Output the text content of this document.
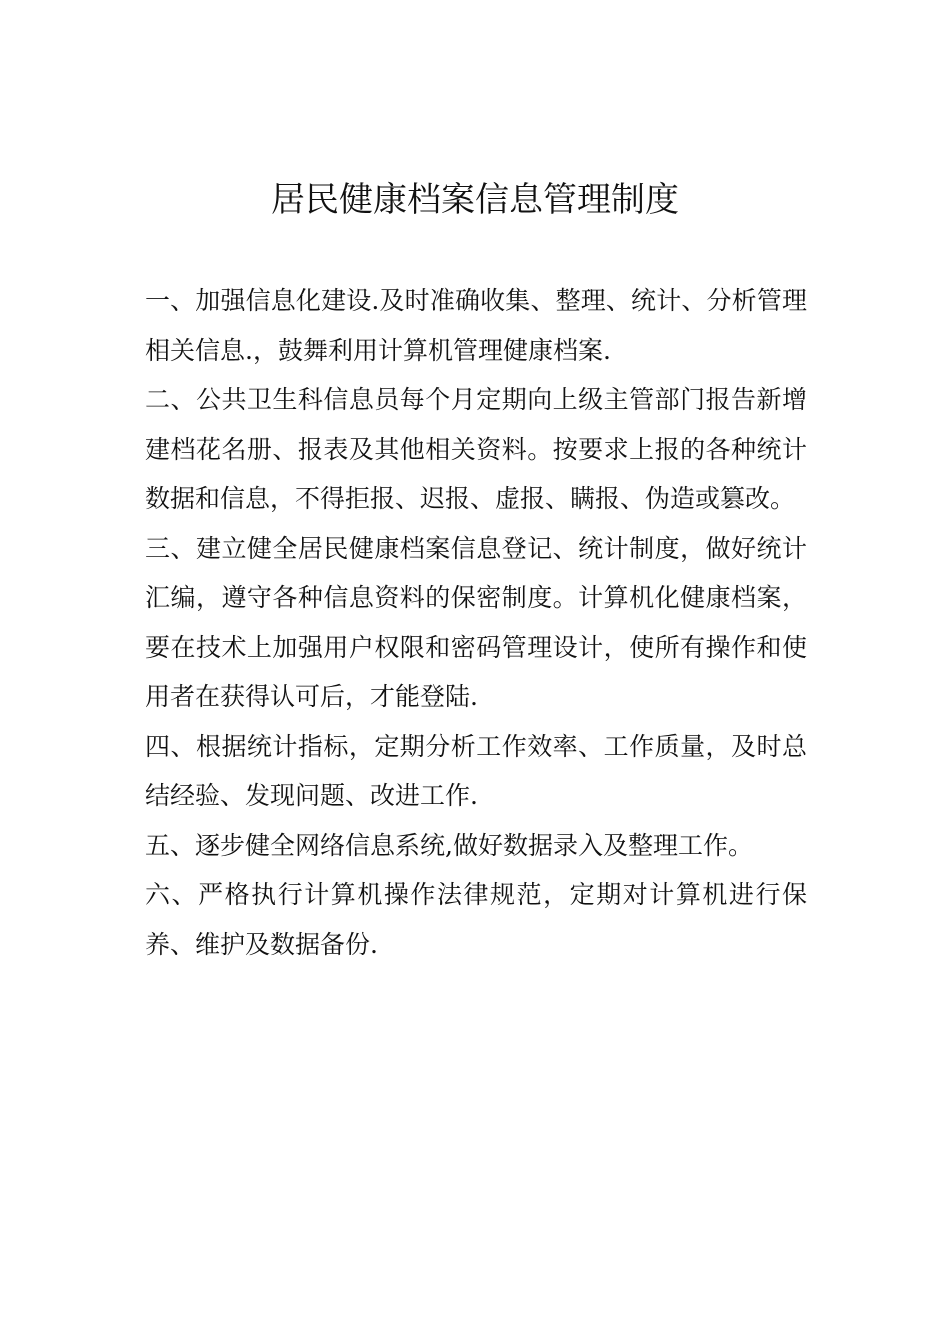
居民健康档案信息管理制度

一、加强信息化建设.及时准确收集、整理、统计、分析管理相关信息.，鼓舞利用计算机管理健康档案.

二、公共卫生科信息员每个月定期向上级主管部门报告新增建档花名册、报表及其他相关资料。按要求上报的各种统计数据和信息，不得拒报、迟报、虚报、瞒报、伪造或篡改。

三、建立健全居民健康档案信息登记、统计制度，做好统计汇编，遵守各种信息资料的保密制度。计算机化健康档案，要在技术上加强用户权限和密码管理设计，使所有操作和使用者在获得认可后，才能登陆.

四、根据统计指标，定期分析工作效率、工作质量，及时总结经验、发现问题、改进工作.

五、逐步健全网络信息系统,做好数据录入及整理工作。

六、严格执行计算机操作法律规范，定期对计算机进行保养、维护及数据备份.
